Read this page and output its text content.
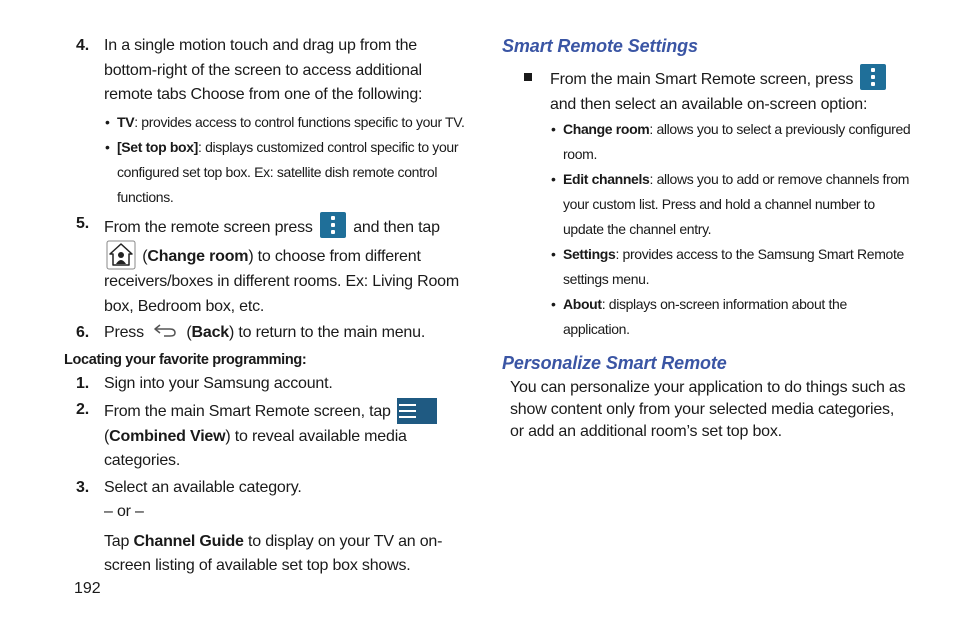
4. In a single motion touch and drag up from the bottom-right of the screen to access additional remote tabs Choose from one of the following:
• TV: provides access to control functions specific to your TV.
• [Set top box]: displays customized control specific to your configured set top box. Ex: satellite dish remote control functions.
5. From the remote screen press	and then tap  (Change room) to choose from different receivers/boxes in different rooms. Ex: Living Room box, Bedroom box, etc.
6. Press	(Back) to return to the main menu.
Locating your favorite programming:
1. Sign into your Samsung account.
2. From the main Smart Remote screen, tap
(Combined View) to reveal available media categories.
3. Select an available category.
– or –
Tap Channel Guide to display on your TV an on-screen listing of available set top box shows.
Smart Remote Settings
From the main Smart Remote screen, press
and then select an available on-screen option:
• Change room: allows you to select a previously configured room.
• Edit channels: allows you to add or remove channels from your custom list. Press and hold a channel number to update the channel entry.
• Settings: provides access to the Samsung Smart Remote settings menu.
• About: displays on-screen information about the application.
Personalize Smart Remote
You can personalize your application to do things such as show content only from your selected media categories, or add an additional room’s set top box.
192
